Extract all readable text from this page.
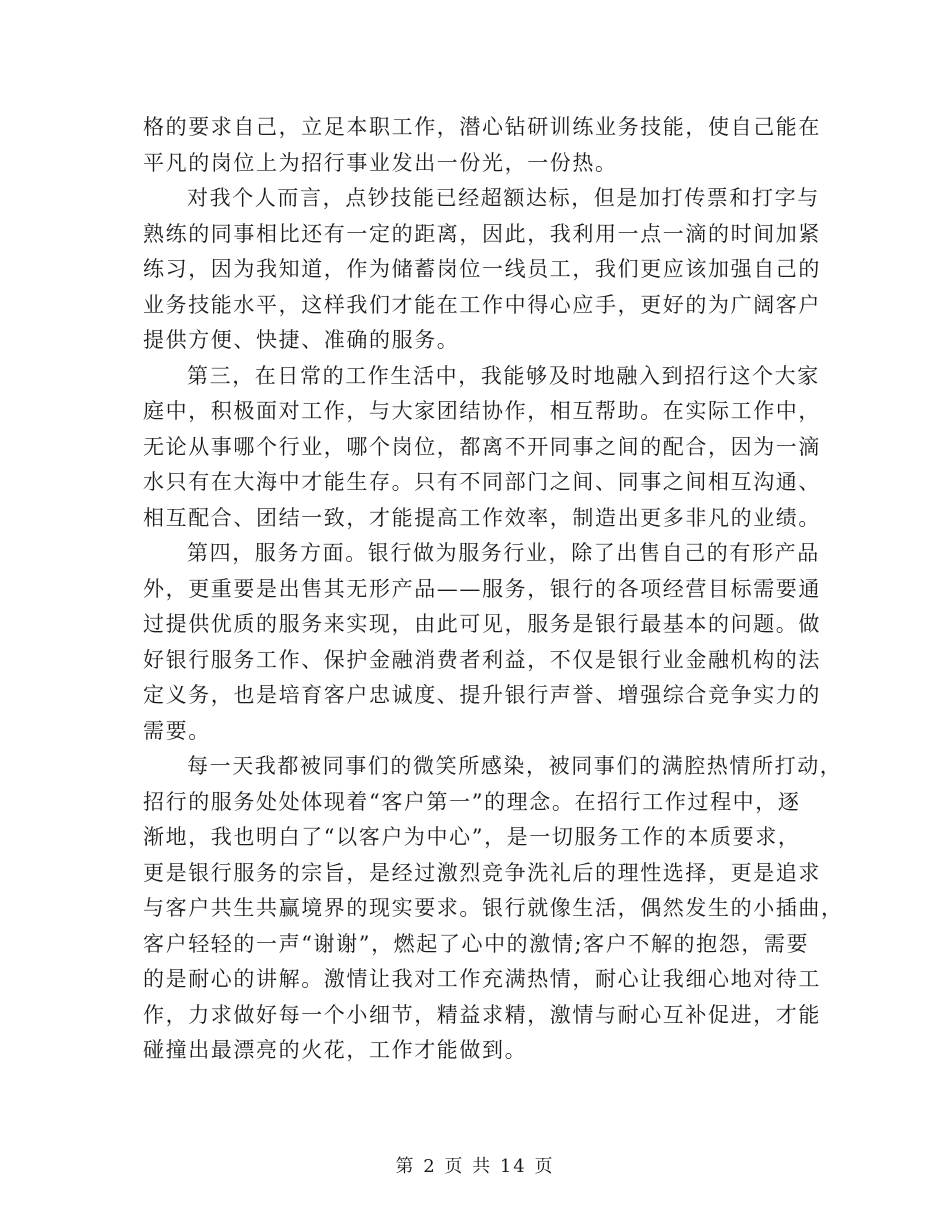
格的要求自己，立足本职工作，潜心钻研训练业务技能，使自己能在
平凡的岗位上为招行事业发出一份光，一份热。
对我个人而言，点钞技能已经超额达标，但是加打传票和打字与
熟练的同事相比还有一定的距离，因此，我利用一点一滴的时间加紧
练习，因为我知道，作为储蓄岗位一线员工，我们更应该加强自己的
业务技能水平，这样我们才能在工作中得心应手，更好的为广阔客户
提供方便、快捷、准确的服务。
第三，在日常的工作生活中，我能够及时地融入到招行这个大家
庭中，积极面对工作，与大家团结协作，相互帮助。在实际工作中，
无论从事哪个行业，哪个岗位，都离不开同事之间的配合，因为一滴
水只有在大海中才能生存。只有不同部门之间、同事之间相互沟通、
相互配合、团结一致，才能提高工作效率，制造出更多非凡的业绩。
第四，服务方面。银行做为服务行业，除了出售自己的有形产品
外，更重要是出售其无形产品——服务，银行的各项经营目标需要通
过提供优质的服务来实现，由此可见，服务是银行最基本的问题。做
好银行服务工作、保护金融消费者利益，不仅是银行业金融机构的法
定义务，也是培育客户忠诚度、提升银行声誉、增强综合竞争实力的
需要。
每一天我都被同事们的微笑所感染，被同事们的满腔热情所打动，
招行的服务处处体现着“客户第一”的理念。在招行工作过程中，逐
渐地，我也明白了“以客户为中心”，是一切服务工作的本质要求，
更是银行服务的宗旨，是经过激烈竞争洗礼后的理性选择，更是追求
与客户共生共赢境界的现实要求。银行就像生活，偶然发生的小插曲，
客户轻轻的一声“谢谢”，燃起了心中的激情;客户不解的抱怨，需要
的是耐心的讲解。激情让我对工作充满热情，耐心让我细心地对待工
作，力求做好每一个小细节，精益求精，激情与耐心互补促进，才能
碰撞出最漂亮的火花，工作才能做到。
第 2 页 共 14 页
